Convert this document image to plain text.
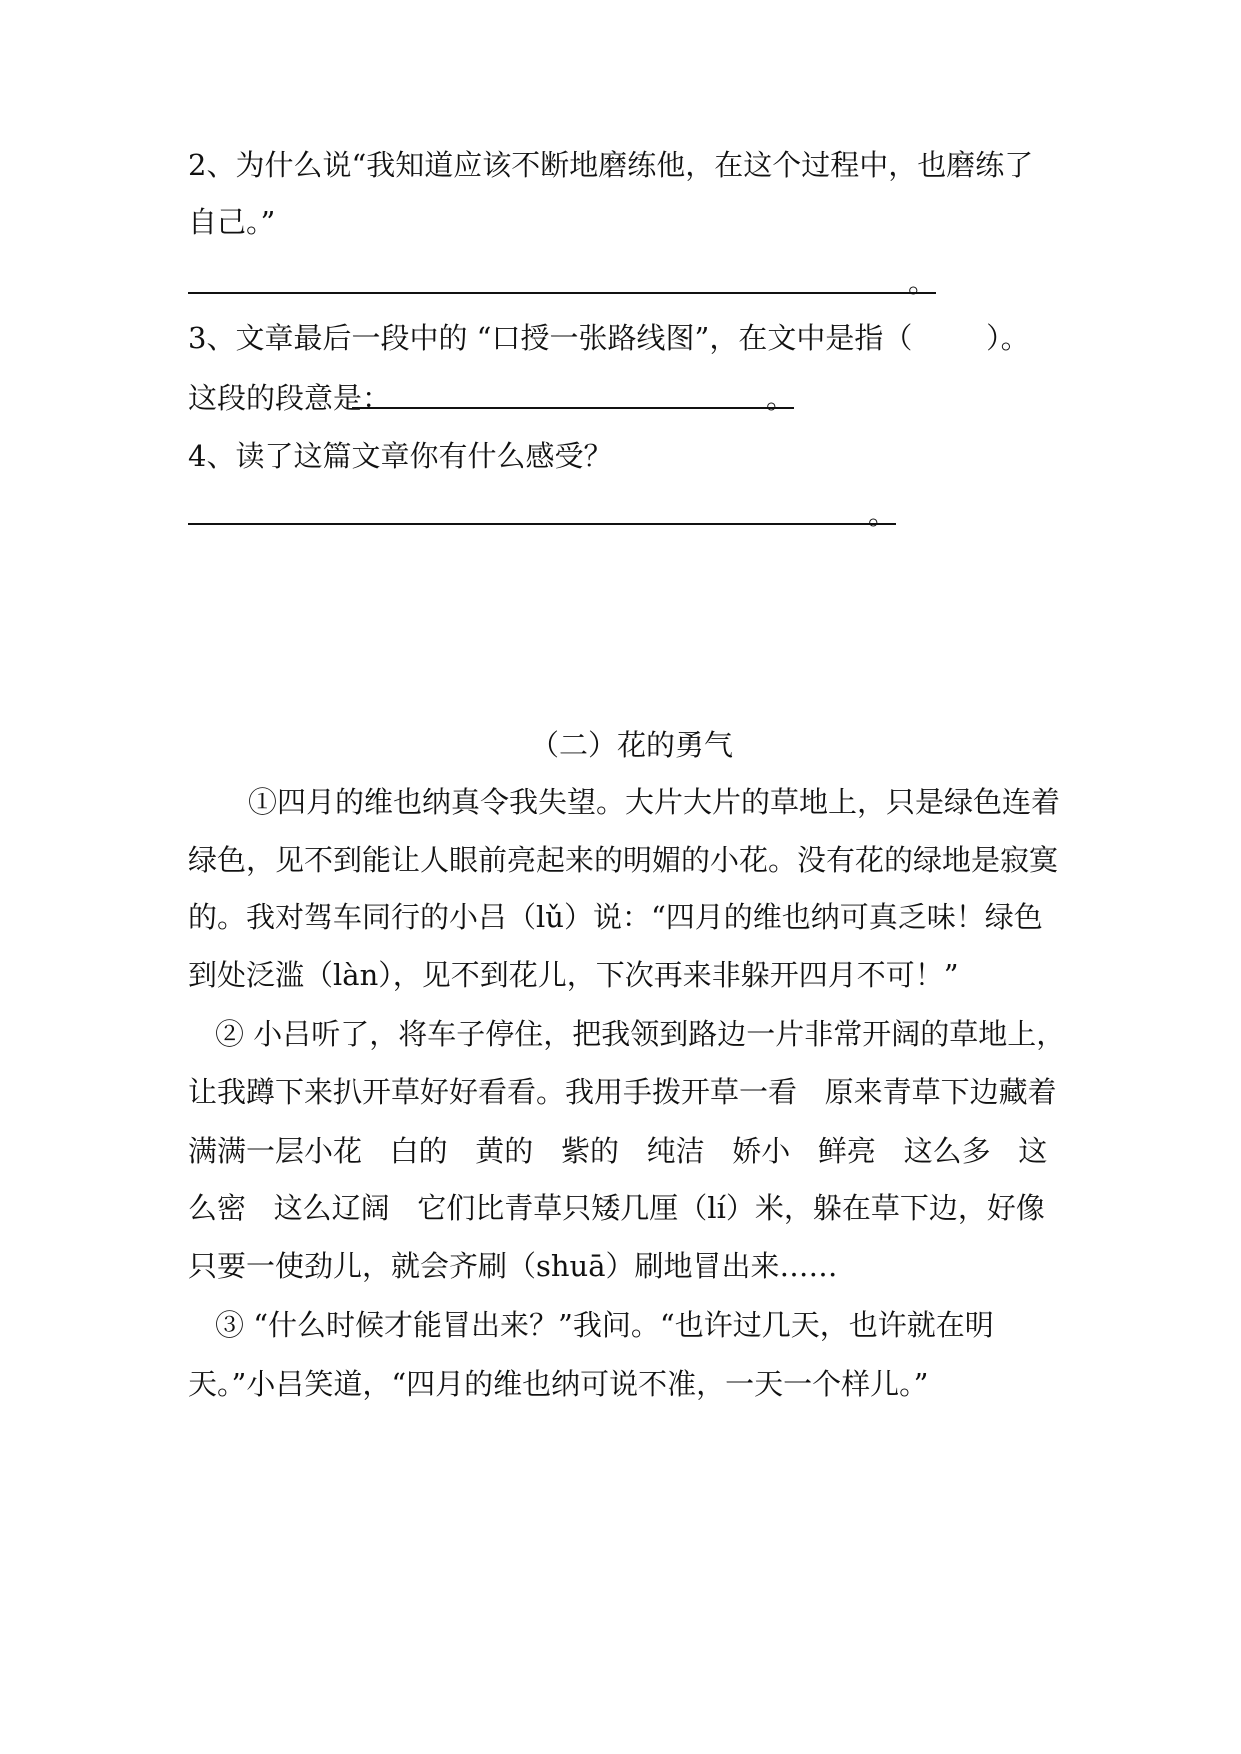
2、为什么说“我知道应该不断地磨练他，在这个过程中，也磨练了
自己。”
。
3、文章最后一段中的 “口授一张路线图”，在文中是指（        ）。
这段的段意是：	。
4、读了这篇文章你有什么感受？
。
（二）花的勇气
①四月的维也纳真令我失望。大片大片的草地上，只是绿色连着
绿色，见不到能让人眼前亮起来的明媚的小花。没有花的绿地是寂寞
的。我对驾车同行的小吕（lǔ）说：“四月的维也纳可真乏味！绿色
到处泛滥（làn），见不到花儿，下次再来非躲开四月不可！”
② 小吕听了，将车子停住，把我领到路边一片非常开阔的草地上，
让我蹲下来扒开草好好看看。我用手拨开草一看   原来青草下边藏着
满满一层小花   白的   黄的   紫的   纯洁   娇小   鲜亮   这么多   这
么密   这么辽阔   它们比青草只矮几厘（lí）米，躲在草下边，好像
只要一使劲儿，就会齐刷（shuā）刷地冒出来……
③ “什么时候才能冒出来？”我问。“也许过几天，也许就在明
天。”小吕笑道，“四月的维也纳可说不准，一天一个样儿。”
